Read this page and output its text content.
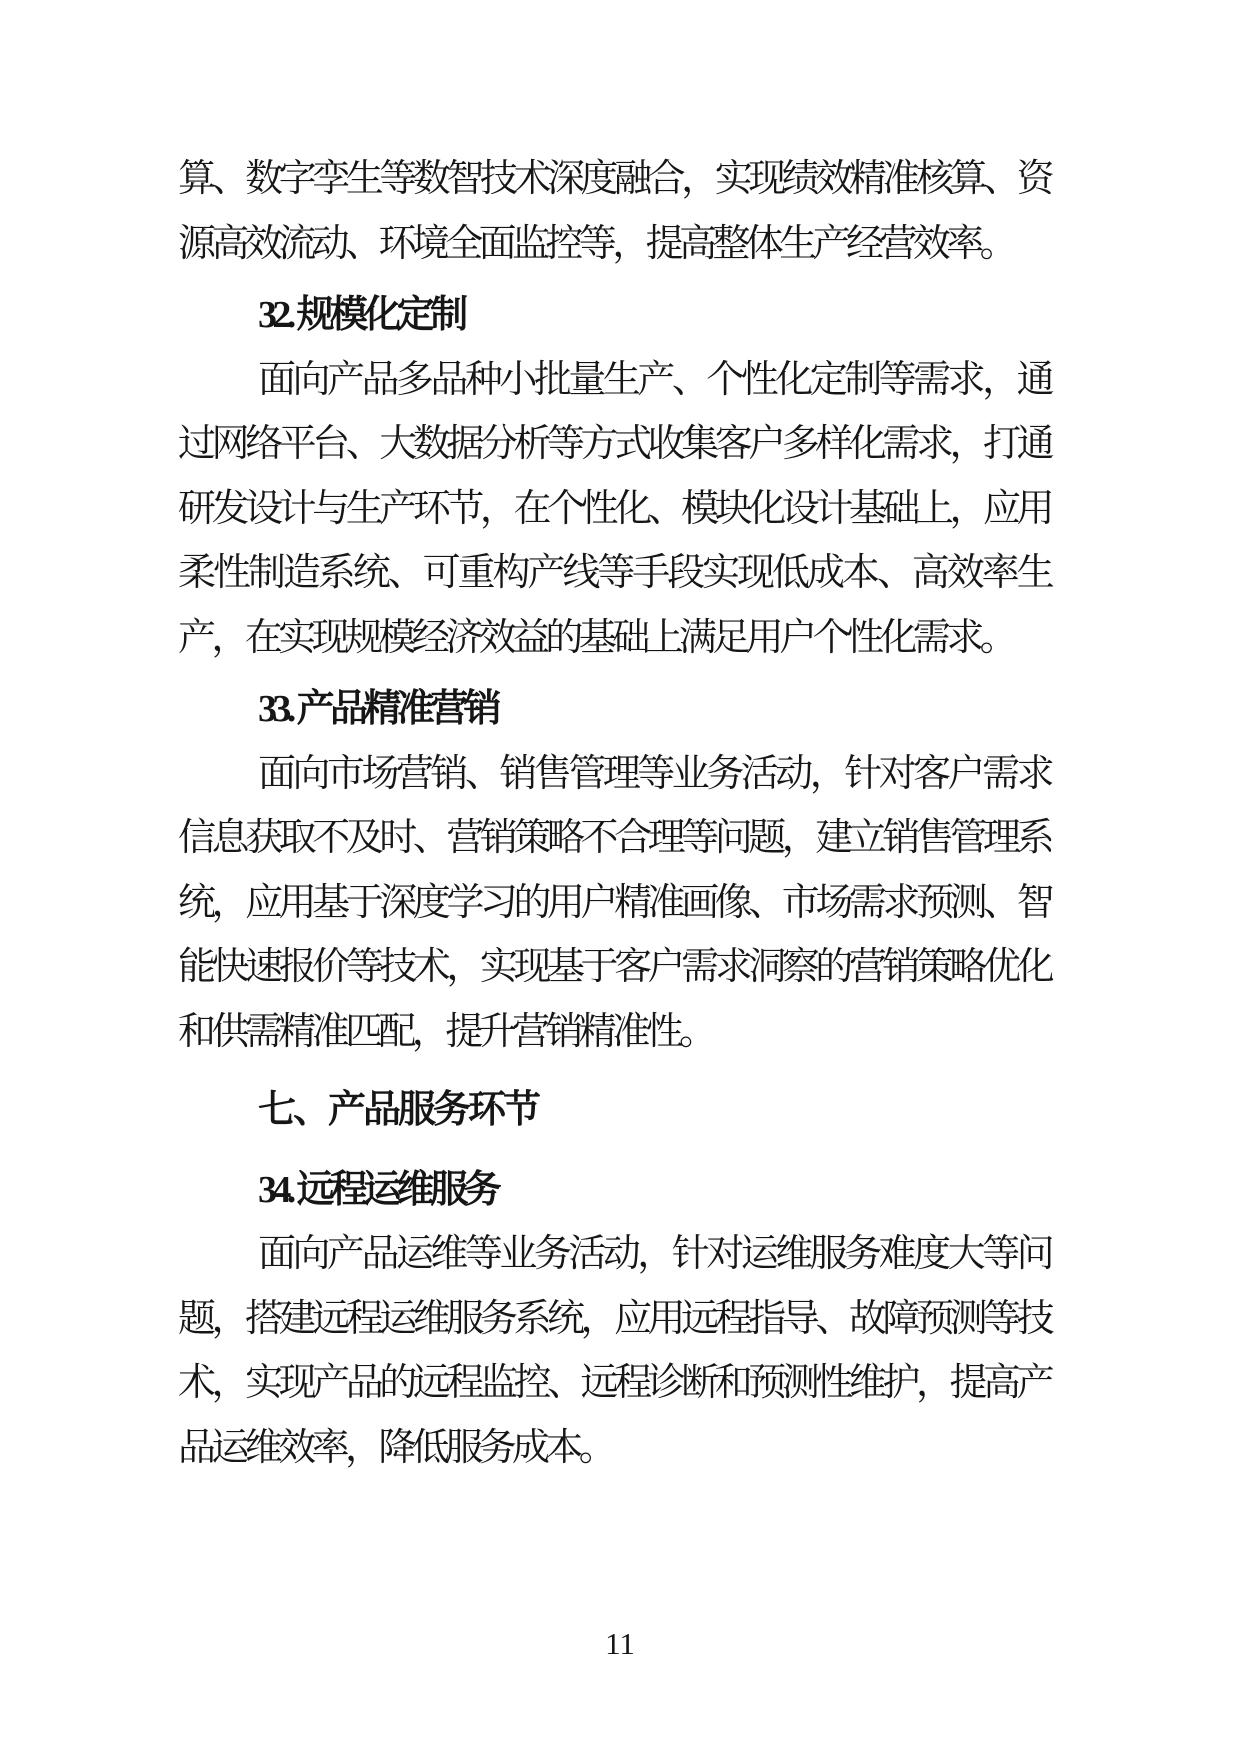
算、数字孪生等数智技术深度融合，实现绩效精准核算、资源高效流动、环境全面监控等，提高整体生产经营效率。

32. 规模化定制

面向产品多品种小批量生产、个性化定制等需求，通过网络平台、大数据分析等方式收集客户多样化需求，打通研发设计与生产环节，在个性化、模块化设计基础上，应用柔性制造系统、可重构产线等手段实现低成本、高效率生产，在实现规模经济效益的基础上满足用户个性化需求。

33. 产品精准营销

面向市场营销、销售管理等业务活动，针对客户需求信息获取不及时、营销策略不合理等问题，建立销售管理系统，应用基于深度学习的用户精准画像、市场需求预测、智能快速报价等技术，实现基于客户需求洞察的营销策略优化和供需精准匹配，提升营销精准性。

七、产品服务环节
34. 远程运维服务

面向产品运维等业务活动，针对运维服务难度大等问题，搭建远程运维服务系统，应用远程指导、故障预测等技术，实现产品的远程监控、远程诊断和预测性维护，提高产品运维效率，降低服务成本。

11
